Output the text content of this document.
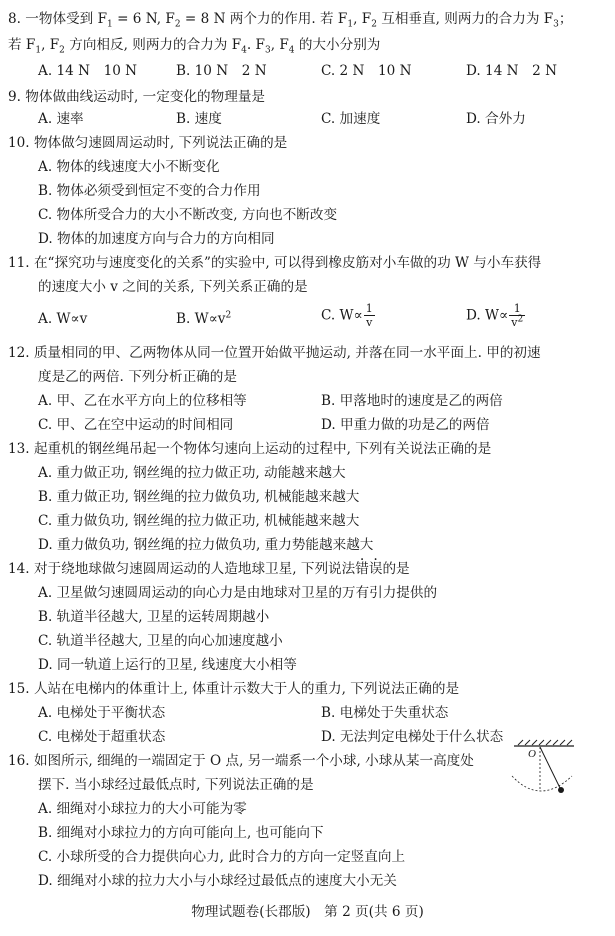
8. 一物体受到 $F_1 = 6$ N, $F_2 = 8$ N 两个力的作用. 若 $F_1$, $F_2$ 互相垂直, 则两力的合力为 $F_3$；
若 $F_1$, $F_2$ 方向相反, 则两力的合力为 $F_4$. $F_3$, $F_4$ 的大小分别为
A. 14 N　10 N	B. 10 N　2 N	C. 2 N　10 N	D. 14 N　2 N
9. 物体做曲线运动时, 一定变化的物理量是
A. 速率	B. 速度	C. 加速度	D. 合外力
10. 物体做匀速圆周运动时, 下列说法正确的是
A. 物体的线速度大小不断变化
B. 物体必须受到恒定不变的合力作用
C. 物体所受合力的大小不断改变, 方向也不断改变
D. 物体的加速度方向与合力的方向相同
11. 在“探究功与速度变化的关系”的实验中, 可以得到橡皮筋对小车做的功 W 与小车获得
的速度大小 v 之间的关系, 下列关系正确的是
A. W∝v	B. $W\propto v^2$	C. $W\propto \frac{1}{v}$	D. $W\propto \frac{1}{v^2}$
12. 质量相同的甲、乙两物体从同一位置开始做平抛运动, 并落在同一水平面上. 甲的初速
度是乙的两倍. 下列分析正确的是
A. 甲、乙在水平方向上的位移相等	B. 甲落地时的速度是乙的两倍
C. 甲、乙在空中运动的时间相同	D. 甲重力做的功是乙的两倍
13. 起重机的钢丝绳吊起一个物体匀速向上运动的过程中, 下列有关说法正确的是
A. 重力做正功, 钢丝绳的拉力做正功, 动能越来越大
B. 重力做正功, 钢丝绳的拉力做负功, 机械能越来越大
C. 重力做负功, 钢丝绳的拉力做正功, 机械能越来越大
D. 重力做负功, 钢丝绳的拉力做负功, 重力势能越来越大
14. 对于绕地球做匀速圆周运动的人造地球卫星, 下列说法错误的是
A. 卫星做匀速圆周运动的向心力是由地球对卫星的万有引力提供的
B. 轨道半径越大, 卫星的运转周期越小
C. 轨道半径越大, 卫星的向心加速度越小
D. 同一轨道上运行的卫星, 线速度大小相等
15. 人站在电梯内的体重计上, 体重计示数大于人的重力, 下列说法正确的是
A. 电梯处于平衡状态	B. 电梯处于失重状态
C. 电梯处于超重状态	D. 无法判定电梯处于什么状态
16. 如图所示, 细绳的一端固定于 O 点, 另一端系一个小球, 小球从某一高度处
摆下. 当小球经过最低点时, 下列说法正确的是
A. 细绳对小球拉力的大小可能为零
B. 细绳对小球拉力的方向可能向上, 也可能向下
C. 小球所受的合力提供向心力, 此时合力的方向一定竖直向上
D. 细绳对小球的拉力大小与小球经过最低点的速度大小无关
O
物理试题卷(长郡版)　第 2 页(共 6 页)
